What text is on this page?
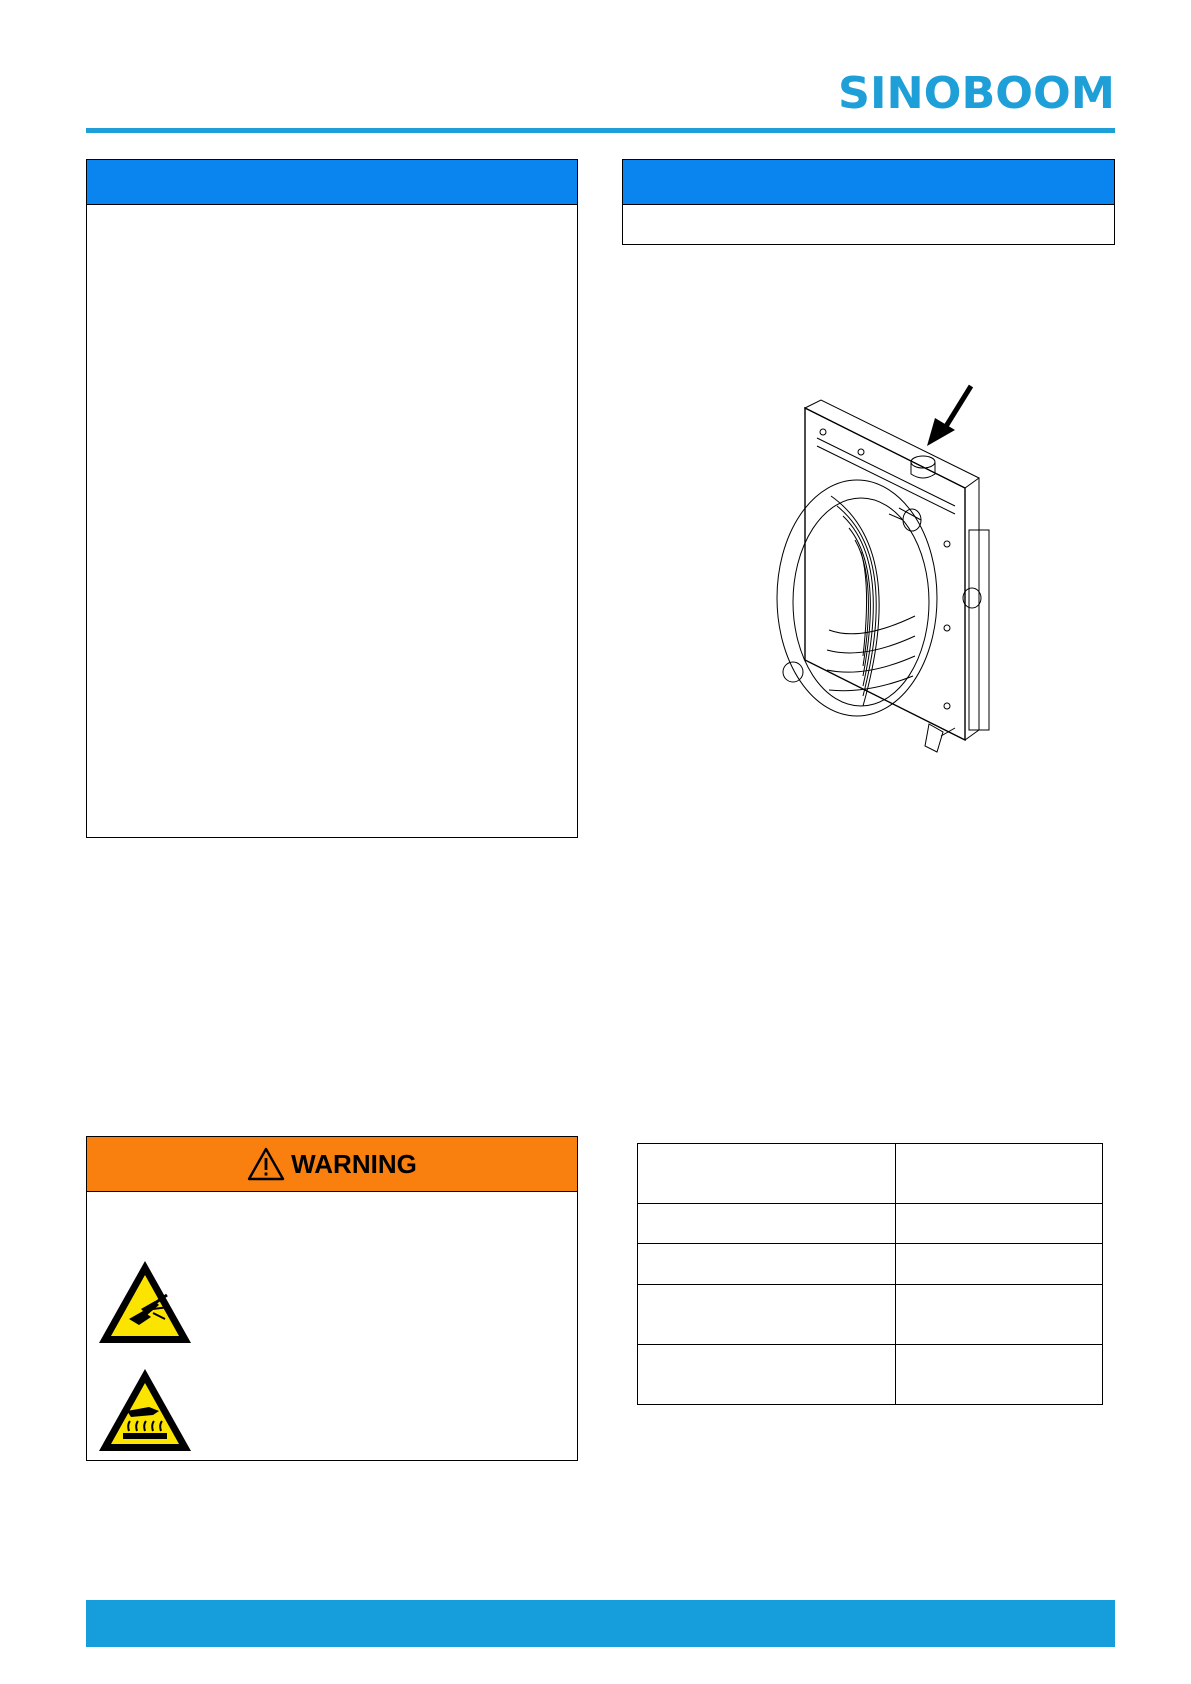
SINOBOOM
WARNING
